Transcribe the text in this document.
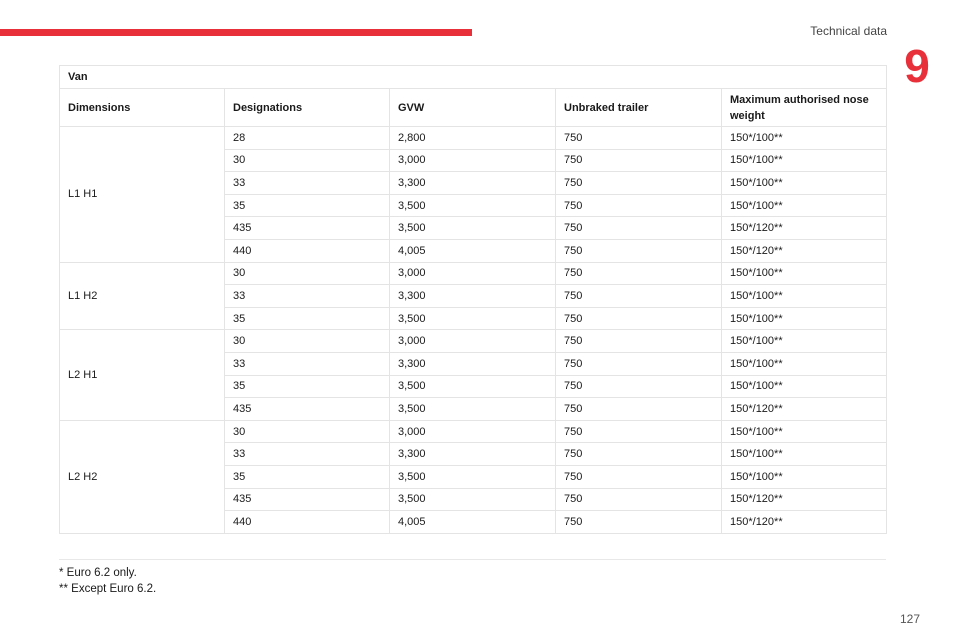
Technical data
9
Van				
Dimensions	Designations	GVW	Unbraked trailer	Maximum authorised nose weight
L1 H1	28	2,800	750	150*/100**
	30	3,000	750	150*/100**
	33	3,300	750	150*/100**
	35	3,500	750	150*/100**
	435	3,500	750	150*/120**
	440	4,005	750	150*/120**
L1 H2	30	3,000	750	150*/100**
	33	3,300	750	150*/100**
	35	3,500	750	150*/100**
L2 H1	30	3,000	750	150*/100**
	33	3,300	750	150*/100**
	35	3,500	750	150*/100**
	435	3,500	750	150*/120**
L2 H2	30	3,000	750	150*/100**
	33	3,300	750	150*/100**
	35	3,500	750	150*/100**
	435	3,500	750	150*/120**
	440	4,005	750	150*/120**
* Euro 6.2 only.
** Except Euro 6.2.
127
